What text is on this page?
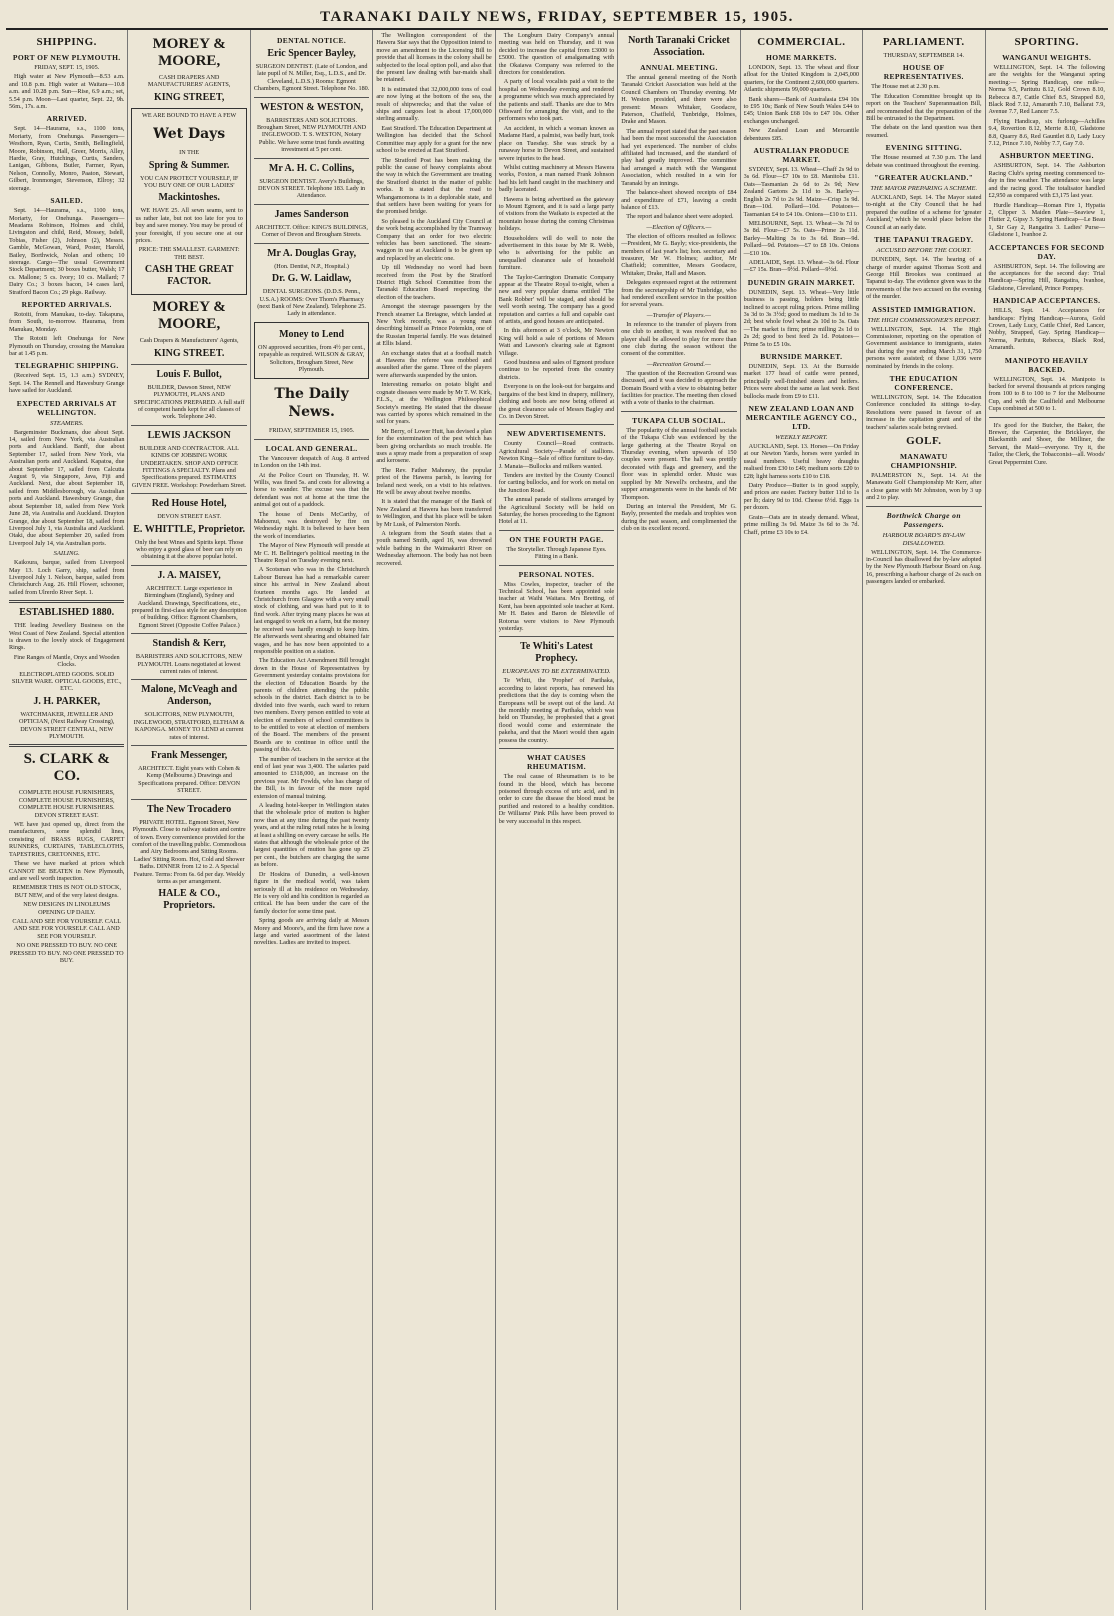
TARANAKI DAILY NEWS, FRIDAY, SEPTEMBER 15, 1905.
SHIPPING.
PORT OF NEW PLYMOUTH.

FRIDAY, SEPT. 15, 1905.

High water at New Plymouth—8.53 a.m. and 10.8 p.m. High water at Waitara—10.8 a.m. and 10.28 p.m. Sun—Rise, 6.9 a.m.; set, 5.54 p.m. Moon—Last quarter, Sept. 22, 9h. 56m., 17s. a.m.

ARRIVED.

Sept. 14—Haurama, s.s., 1100 tons, Moriarty, from Onehunga. Passengers—Westhorn, Ryan, Curtis, Smith, Bellingfield, Moore, Robinson, Hall, Greer, Morris, Alley, Hardie, Gray, Hutchings, Curtis, Sanders, Lanigan, Gibbons, Butler, Farmer, Ryan, Nelson, Connolly, Monro, Paaton, Stewart, Gilbert, Ironmonger, Stevenson, Ellroy; 32 steerage.

SAILED.

Sept. 14—Haurama, s.s., 1100 tons, Moriarty, for Onehunga. Passengers—Meadams Robinson, Holmes and child, Livingston and child, Reid, Mossey, Isdell, Tobias, Fisher (2), Johnson (2), Messrs. Gamble, McGowan, Ward, Poster, Harold, Bailey, Borthwick, Nolan and others; 10 steerage. Cargo—The usual Government Stock Department; 30 boxes butter, Walsh; 17 cs. Mallone; 5 cs. Ivory; 10 cs. Mallard; 7 Dairy Co.; 3 boxes bacon, 14 cases lard, Stratford Bacon Co.; 29 pkgs. Railway.

REPORTED ARRIVALS.

Rotoiti, from Manukau, to-day. Takapuna, from South, to-morrow. Haurama, from Manukau, Monday.

The Rotoiti left Onehunga for New Plymouth on Thursday, crossing the Manukau bar at 1.45 p.m.

TELEGRAPHIC SHIPPING.

(Received Sept. 15, 1.3 a.m.) SYDNEY, Sept. 14. The Rennell and Hawesbury Grange have sailed for Auckland.

EXPECTED ARRIVALS AT WELLINGTON.
STEAMERS.

Bargeminster Buckmans, due about Sept. 14, sailed from New York, via Australian ports and Auckland. Banff, due about September 17, sailed from New York, via Australian ports and Auckland. Kapatoa, due about September 17, sailed from Calcutta August 9, via Singapore, Java, Fiji and Auckland. Next, due about September 18, sailed from Middlesborough, via Australian ports and Auckland. Hawesbury Grange, due about September 18, sailed from New York June 28, via Australia and Auckland. Drayton Grange, due about September 18, sailed from Liverpool July 1, via Australia and Auckland. Otaki, due about September 20, sailed from Liverpool July 14, via Australian ports.

SAILING.

Kaikoura, barque, sailed from Liverpool May 13. Loch Garry, ship, sailed from Liverpool July 1. Nelson, barque, sailed from Christchurch Aug. 26. Hill Flower, schooner, sailed from Ulrerdo River Sept. 1.

ESTABLISHED 1880.

THE leading Jewellery Business on the West Coast of New Zealand. Special attention is drawn to the lovely stock of Engagement Rings.

Fine Ranges of Mantle, Onyx and Wooden Clocks.

ELECTROPLATED GOODS. SOLID SILVER WARE. OPTICAL GOODS, ETC., ETC.

J. H. PARKER,

WATCHMAKER, JEWELLER AND OPTICIAN, (Next Railway Crossing), DEVON STREET CENTRAL, NEW PLYMOUTH.

S. CLARK & CO.

COMPLETE HOUSE FURNISHERS, COMPLETE HOUSE FURNISHERS, COMPLETE HOUSE FURNISHERS. DEVON STREET EAST.

WE have just opened up, direct from the manufacturers, some splendid lines, consisting of BRASS RUGS, CARPET RUNNERS, CURTAINS, TABLECLOTHS, TAPESTRIES, CRETONNES, ETC.

These we have marked at prices which CANNOT BE BEATEN in New Plymouth, and are well worth inspection.

REMEMBER THIS IS NOT OLD STOCK, BUT NEW, and of the very latest designs.

NEW DESIGNS IN LINOLEUMS OPENING UP DAILY.

CALL AND SEE FOR YOURSELF. CALL AND SEE FOR YOURSELF. CALL AND SEE FOR YOURSELF.

NO ONE PRESSED TO BUY. NO ONE PRESSED TO BUY. NO ONE PRESSED TO BUY.

MOREY & MOORE,

CASH DRAPERS AND MANUFACTURERS' AGENTS,

KING STREET,

WE ARE BOUND TO HAVE A FEW

Wet Days

IN THE

Spring & Summer.

YOU CAN PROTECT YOURSELF, IF YOU BUY ONE OF OUR LADIES'

Mackintoshes.

WE HAVE 25. All sewn seams, sent to us rather late, but not too late for you to buy and save money. You may be proud of your foresight, if you secure one at our prices.

PRICE: THE SMALLEST. GARMENT: THE BEST.

CASH THE GREAT FACTOR.
MOREY & MOORE,

Cash Drapers & Manufacturers' Agents,

KING STREET.
Louis F. Bullot,

BUILDER, Dawson Street, NEW PLYMOUTH, PLANS AND SPECIFICATIONS PREPARED. A full staff of competent hands kept for all classes of work. Telephone 240.

LEWIS JACKSON

BUILDER AND CONTRACTOR. ALL KINDS OF JOBBING WORK UNDERTAKEN. SHOP AND OFFICE FITTINGS A SPECIALTY. Plans and Specifications prepared. ESTIMATES GIVEN FREE. Workshop: Powderham Street.

Red House Hotel,

DEVON STREET EAST.

E. WHITTLE, Proprietor.

Only the best Wines and Spirits kept. Those who enjoy a good glass of beer can rely on obtaining it at the above popular hotel.

J. A. MAISEY,

ARCHITECT. Large experience in Birmingham (England), Sydney and Auckland. Drawings, Specifications, etc., prepared in first-class style for any description of building. Office: Egmont Chambers, Egmont Street (Opposite Coffee Palace.)

Standish & Kerr,

BARRISTERS AND SOLICITORS, NEW PLYMOUTH. Loans negotiated at lowest current rates of interest.

Malone, McVeagh and Anderson,

SOLICITORS, NEW PLYMOUTH, INGLEWOOD, STRATFORD, ELTHAM & KAPONGA. MONEY TO LEND at current rates of interest.

Frank Messenger,

ARCHITECT. Eight years with Cohen & Kemp (Melbourne.) Drawings and Specifications prepared. Office: DEVON STREET.

The New Trocadero

PRIVATE HOTEL. Egmont Street, New Plymouth. Close to railway station and centre of town. Every convenience provided for the comfort of the travelling public. Commodious and Airy Bedrooms and Sitting Rooms. Ladies' Sitting Room. Hot, Cold and Shower Baths. DINNER from 12 to 2. A Special Feature. Terms: From 6s. 6d per day. Weekly terms as per arrangement.

HALE & CO., Proprietors.
DENTAL NOTICE.
Eric Spencer Bayley,

SURGEON DENTIST. (Late of London, and late pupil of N. Miller, Esq., L.D.S., and Dr. Cleveland, L.D.S.) Rooms: Egmont Chambers, Egmont Street. Telephone No. 180.

WESTON & WESTON,

BARRISTERS AND SOLICITORS. Brougham Street, NEW PLYMOUTH AND INGLEWOOD. T. S. WESTON, Notary Public. We have some trust funds awaiting investment at 5 per cent.

Mr A. H. C. Collins,

SURGEON DENTIST. Avery's Buildings, DEVON STREET. Telephone 183. Lady in Attendance.

James Sanderson

ARCHITECT. Office: KING'S BUILDINGS, Corner of Devon and Brougham Streets.

Mr A. Douglas Gray,

(Hon. Dentist, N.P., Hospital.)

Dr. G. W. Laidlaw,

DENTAL SURGEONS. (D.D.S. Penn., U.S.A.) ROOMS: Over Thom's Pharmacy (next Bank of New Zealand). Telephone 25. Lady in attendance.

Money to Lend

ON approved securities, from 4½ per cent., repayable as required. WILSON & GRAY, Solicitors, Brougham Street, New Plymouth.

The Daily News.

FRIDAY, SEPTEMBER 15, 1905.

LOCAL AND GENERAL.

The Vancouver despatch of Aug. 8 arrived in London on the 14th inst.

At the Police Court on Thursday, H. W. Willis, was fined 5s. and costs for allowing a horse to wander. The excuse was that the defendant was not at home at the time the animal got out of a paddock.

The house of Denis McCarthy, of Mahoenui, was destroyed by fire on Wednesday night. It is believed to have been the work of incendiaries.

The Mayor of New Plymouth will preside at Mr C. H. Bellringer's political meeting in the Theatre Royal on Tuesday evening next.

A Scotsman who was in the Christchurch Labour Bureau has had a remarkable career since his arrival in New Zealand about fourteen months ago. He landed at Christchurch from Glasgow with a very small stock of clothing, and was hard put to it to find work. After trying many places he was at last engaged to work on a farm, but the money he received was hardly enough to keep him. He afterwards went shearing and obtained fair wages, and he has now been appointed to a responsible position on a station.

The Education Act Amendment Bill brought down in the House of Representatives by Government yesterday contains provisions for the election of Education Boards by the parents of children attending the public schools in the district. Each district is to be divided into five wards, each ward to return two members. Every person entitled to vote at election of members of school committees is to be entitled to vote at election of members of the Board. The members of the present Boards are to continue in office until the passing of this Act.

The number of teachers in the service at the end of last year was 3,400. The salaries paid amounted to £318,000, an increase on the previous year. Mr Fowlds, who has charge of the Bill, is in favour of the more rapid extension of manual training.

A leading hotel-keeper in Wellington states that the wholesale price of mutton is higher now than at any time during the past twenty years, and at the ruling retail rates he is losing at least a shilling on every carcase he sells. He states that although the wholesale price of the largest quantities of mutton has gone up 25 per cent., the butchers are charging the same as before.

Dr Hoskins of Dunedin, a well-known figure in the medical world, was taken seriously ill at his residence on Wednesday. He is very old and his condition is regarded as critical. He has been under the care of the family doctor for some time past.

Spring goods are arriving daily at Messrs Morey and Moore's, and the firm have now a large and varied assortment of the latest novelties. Ladies are invited to inspect.

The Wellington correspondent of the Hawera Star says that the Opposition intend to move an amendment to the Licensing Bill to provide that all licenses in the colony shall be subjected to the local option poll, and also that the present law dealing with bar-maids shall be retained.

It is estimated that 32,000,000 tons of coal are now lying at the bottom of the sea, the result of shipwrecks; and that the value of ships and cargoes lost is about 17,000,000 sterling annually.

East Stratford. The Education Department at Wellington has decided that the School Committee may apply for a grant for the new school to be erected at East Stratford.

The Stratford Post has been making the public the cause of heavy complaints about the way in which the Government are treating the Stratford district in the matter of public works. It is stated that the road to Whangamomona is in a deplorable state, and that settlers have been waiting for years for the promised bridge.

So pleased is the Auckland City Council at the work being accomplished by the Tramway Company that an order for two electric vehicles has been sanctioned. The steam-waggon in use at Auckland is to be given up and replaced by an electric one.

Up till Wednesday no word had been received from the Post by the Stratford District High School Committee from the Taranaki Education Board respecting the election of the teachers.

Amongst the steerage passengers by the French steamer La Bretagne, which landed at New York recently, was a young man describing himself as Prince Potemkin, one of the Russian Imperial family. He was detained at Ellis Island.

An exchange states that at a football match at Hawera the referee was mobbed and assaulted after the game. Three of the players were afterwards suspended by the union.

Interesting remarks on potato blight and cognate diseases were made by Mr T. W. Kirk, F.L.S., at the Wellington Philosophical Society's meeting. He stated that the disease was carried by spores which remained in the soil for years.

Mr Berry, of Lower Hutt, has devised a plan for the extermination of the pest which has been giving orchardists so much trouble. He uses a spray made from a preparation of soap and kerosene.

The Rev. Father Mahoney, the popular priest of the Hawera parish, is leaving for Ireland next week, on a visit to his relatives. He will be away about twelve months.

It is stated that the manager of the Bank of New Zealand at Hawera has been transferred to Wellington, and that his place will be taken by Mr Lusk, of Palmerston North.

A telegram from the South states that a youth named Smith, aged 16, was drowned while bathing in the Waimakariri River on Wednesday afternoon. The body has not been recovered.

The Longburn Dairy Company's annual meeting was held on Thursday, and it was decided to increase the capital from £3000 to £5000. The question of amalgamating with the Okaiawa Company was referred to the directors for consideration.

A party of local vocalists paid a visit to the hospital on Wednesday evening and rendered a programme which was much appreciated by the patients and staff. Thanks are due to Mrs Ofisward for arranging the visit, and to the performers who took part.

An accident, in which a woman known as Madame Hard, a palmist, was badly hurt, took place on Tuesday. She was struck by a runaway horse in Devon Street, and sustained severe injuries to the head.

Whilst cutting machinery at Messrs Hawera works, Foxton, a man named Frank Johnson had his left hand caught in the machinery and badly lacerated.

Hawera is being advertised as the gateway to Mount Egmont, and it is said a large party of visitors from the Waikato is expected at the mountain house during the coming Christmas holidays.

Householders will do well to note the advertisement in this issue by Mr R. Webb, who is advertising for the public an unequalled clearance sale of household furniture.

The Taylor-Carrington Dramatic Company appear at the Theatre Royal to-night, when a new and very popular drama entitled 'The Bank Robber' will be staged, and should be well worth seeing. The company has a good reputation and carries a full and capable cast of artists, and good houses are anticipated.

In this afternoon at 3 o'clock, Mr Newton King will hold a sale of portions of Messrs Watt and Lawson's clearing sale at Egmont Village.

Good business and sales of Egmont produce continue to be reported from the country districts.

Everyone is on the look-out for bargains and bargains of the best kind in drapery, millinery, clothing and boots are now being offered at the great clearance sale of Messrs Bagley and Co. in Devon Street.

NEW ADVERTISEMENTS.

County Council—Road contracts. Agricultural Society—Parade of stallions. Newton King—Sale of office furniture to-day. J. Manaia—Bullocks and milkers wanted.

Tenders are invited by the County Council for carting bullocks, and for work on metal on the Junction Road.

The annual parade of stallions arranged by the Agricultural Society will be held on Saturday, the horses proceeding to the Egmont Hotel at 11.

ON THE FOURTH PAGE.

The Storyteller. Through Japanese Eyes. Fitting in a Bank.

PERSONAL NOTES.

Miss Cowles, inspector, teacher of the Technical School, has been appointed sole teacher at Waihi Waitara. Mrs Bretting, of Kent, has been appointed sole teacher at Kent. Mr H. Bates and Baron de Bleteville of Rotorua were visitors to New Plymouth yesterday.

Te Whiti's Latest Prophecy.
EUROPEANS TO BE EXTERMINATED.

Te Whiti, the 'Prophet' of Parihaka, according to latest reports, has renewed his predictions that the day is coming when the Europeans will be swept out of the land. At the monthly meeting at Parihaka, which was held on Thursday, he prophesied that a great flood would come and exterminate the pakeha, and that the Maori would then again possess the country.

WHAT CAUSES RHEUMATISM.

The real cause of Rheumatism is to be found in the blood, which has become poisoned through excess of uric acid, and in order to cure the disease the blood must be purified and restored to a healthy condition. Dr Williams' Pink Pills have been proved to be very successful in this respect.

North Taranaki Cricket Association.
ANNUAL MEETING.

The annual general meeting of the North Taranaki Cricket Association was held at the Council Chambers on Thursday evening. Mr H. Weston presided, and there were also present: Messrs Whitaker, Goodacre, Paterson, Chatfield, Tunbridge, Holmes, Drake and Mason.

The annual report stated that the past season had been the most successful the Association had yet experienced. The number of clubs affiliated had increased, and the standard of play had greatly improved. The committee had arranged a match with the Wanganui Association, which resulted in a win for Taranaki by an innings.

The balance-sheet showed receipts of £84 and expenditure of £71, leaving a credit balance of £13.

The report and balance sheet were adopted.

—Election of Officers.—

The election of officers resulted as follows:—President, Mr G. Bayly; vice-presidents, the members of last year's list; hon. secretary and treasurer, Mr W. Holmes; auditor, Mr Chatfield; committee, Messrs Goodacre, Whitaker, Drake, Hall and Mason.

Delegates expressed regret at the retirement from the secretaryship of Mr Tunbridge, who had rendered excellent service in the position for several years.

—Transfer of Players.—

In reference to the transfer of players from one club to another, it was resolved that no player shall be allowed to play for more than one club during the season without the consent of the committee.

—Recreation Ground.—

The question of the Recreation Ground was discussed, and it was decided to approach the Domain Board with a view to obtaining better facilities for practice. The meeting then closed with a vote of thanks to the chairman.

TUKAPA CLUB SOCIAL.

The popularity of the annual football socials of the Tukapa Club was evidenced by the large gathering at the Theatre Royal on Thursday evening, when upwards of 150 couples were present. The hall was prettily decorated with flags and greenery, and the floor was in splendid order. Music was supplied by Mr Newell's orchestra, and the supper arrangements were in the hands of Mr Thompson.

During an interval the President, Mr G. Bayly, presented the medals and trophies won during the past season, and complimented the club on its excellent record.

COMMERCIAL.
HOME MARKETS.

LONDON, Sept. 13. The wheat and flour afloat for the United Kingdom is 2,045,000 quarters, for the Continent 2,600,000 quarters. Atlantic shipments 99,000 quarters.

Bank shares—Bank of Australasia £94 10s to £95 10s; Bank of New South Wales £44 to £45; Union Bank £68 10s to £47 10s. Other exchanges unchanged.

New Zealand Loan and Mercantile debentures £85.

AUSTRALIAN PRODUCE MARKET.

SYDNEY, Sept. 13. Wheat—Chaff 2s 9d to 3s 6d. Flour—£7 10s to £8. Manitoba £11. Oats—Tasmanian 2s 6d to 2s 9d; New Zealand Gartons 2s 11d to 3s. Barley—English 2s 7d to 2s 9d. Maize—Crisp 3s 9d. Bran—10d. Pollard—10d. Potatoes—Tasmanian £4 to £4 10s. Onions—£10 to £11.

MELBOURNE, Sept. 13. Wheat—3s 7d to 3s 8d. Flour—£7 5s. Oats—Prime 2s 11d. Barley—Malting 3s to 3s 6d. Bran—9d. Pollard—9d. Potatoes—£7 to £8 10s. Onions—£10 10s.

ADELAIDE, Sept. 13. Wheat—3s 6d. Flour—£7 15s. Bran—9½d. Pollard—9½d.

DUNEDIN GRAIN MARKET.

DUNEDIN, Sept. 13. Wheat—Very little business is passing, holders being little inclined to accept ruling prices. Prime milling 3s 3d to 3s 3½d; good to medium 3s 1d to 3s 2d; best whole fowl wheat 2s 10d to 3s. Oats—The market is firm; prime milling 2s 1d to 2s 2d; good to best feed 2s 1d. Potatoes—Prime 5s to £5 10s.

BURNSIDE MARKET.

DUNEDIN, Sept. 13. At the Burnside market 177 head of cattle were penned, principally well-finished steers and heifers. Prices were about the same as last week. Best bullocks made from £9 to £11.

NEW ZEALAND LOAN AND MERCANTILE AGENCY CO., LTD.
WEEKLY REPORT.

AUCKLAND, Sept. 13. Horses—On Friday at our Newton Yards, horses were yarded in usual numbers. Useful heavy draughts realised from £30 to £40; medium sorts £20 to £28; light harness sorts £10 to £18.

Dairy Produce—Butter is in good supply, and prices are easier. Factory butter 11d to 1s per lb; dairy 9d to 10d. Cheese 6½d. Eggs 1s per dozen.

Grain—Oats are in steady demand. Wheat, prime milling 3s 9d. Maize 3s 6d to 3s 7d. Chaff, prime £3 10s to £4.

PARLIAMENT.

THURSDAY, SEPTEMBER 14.

HOUSE OF REPRESENTATIVES.

The House met at 2.30 p.m.

The Education Committee brought up its report on the Teachers' Superannuation Bill, and recommended that the preparation of the Bill be entrusted to the Department.

The debate on the land question was then resumed.

EVENING SITTING.

The House resumed at 7.30 p.m. The land debate was continued throughout the evening.

"GREATER AUCKLAND."
THE MAYOR PREPARING A SCHEME.

AUCKLAND, Sept. 14. The Mayor stated to-night at the City Council that he had prepared the outline of a scheme for 'greater Auckland,' which he would place before the Council at an early date.

THE TAPANUI TRAGEDY.
ACCUSED BEFORE THE COURT.

DUNEDIN, Sept. 14. The hearing of a charge of murder against Thomas Scott and George Hill Brookes was continued at Tapanui to-day. The evidence given was to the movements of the two accused on the evening of the murder.

ASSISTED IMMIGRATION.
THE HIGH COMMISSIONER'S REPORT.

WELLINGTON, Sept. 14. The High Commissioner, reporting on the operation of Government assistance to immigrants, states that during the year ending March 31, 1,750 persons were assisted; of these 1,036 were nominated by friends in the colony.

THE EDUCATION CONFERENCE.

WELLINGTON, Sept. 14. The Education Conference concluded its sittings to-day. Resolutions were passed in favour of an increase in the capitation grant and of the teachers' salaries scale being revised.

GOLF.
MANAWATU CHAMPIONSHIP.

PALMERSTON N., Sept. 14. At the Manawatu Golf Championship Mr Kerr, after a close game with Mr Johnston, won by 3 up and 2 to play.

Borthwick Charge on Passengers.
HARBOUR BOARD'S BY-LAW DISALLOWED.

WELLINGTON, Sept. 14. The Commerce-in-Council has disallowed the by-law adopted by the New Plymouth Harbour Board on Aug. 16, prescribing a harbour charge of 2s each on passengers landed or embarked.

SPORTING.
WANGANUI WEIGHTS.

WELLINGTON, Sept. 14. The following are the weights for the Wanganui spring meeting:— Spring Handicap, one mile—Norma 9.5, Paritutu 8.12, Gold Crown 8.10, Rebecca 8.7, Cattle Chief 8.5, Strapped 8.0, Black Rod 7.12, Amaranth 7.10, Ballarat 7.9, Avenue 7.7, Red Lancer 7.5.

Flying Handicap, six furlongs—Achilles 9.4, Rovertion 8.12, Merrie 8.10, Gladstone 8.8, Quarry 8.6, Red Gauntlet 8.0, Lady Lucy 7.12, Prince 7.10, Nobby 7.7, Gay 7.0.

ASHBURTON MEETING.

ASHBURTON, Sept. 14. The Ashburton Racing Club's spring meeting commenced to-day in fine weather. The attendance was large and the racing good. The totalisator handled £2,950 as compared with £3,175 last year.

Hurdle Handicap—Roman Fire 1, Hypatia 2, Clipper 3. Maiden Plate—Seaview 1, Flutter 2, Gipsy 3. Spring Handicap—Le Beau 1, Sir Gay 2, Rangatira 3. Ladies' Purse—Gladstone 1, Ivanhoe 2.

ACCEPTANCES FOR SECOND DAY.

ASHBURTON, Sept. 14. The following are the acceptances for the second day: Trial Handicap—Spring Hill, Rangatira, Ivanhoe, Gladstone, Cleveland, Prince Pompey.

HANDICAP ACCEPTANCES.

HILLS, Sept. 14. Acceptances for handicaps: Flying Handicap—Aurora, Gold Crown, Lady Lucy, Cattle Chief, Red Lancer, Nobby, Strapped, Gay. Spring Handicap—Norma, Paritutu, Rebecca, Black Rod, Amaranth.

MANIPOTO HEAVILY BACKED.

WELLINGTON, Sept. 14. Manipoto is backed for several thousands at prices ranging from 100 to 8 to 100 to 7 for the Melbourne Cup, and with the Caulfield and Melbourne Cups combined at 500 to 1.

It's good for the Butcher, the Baker, the Brewer, the Carpenter, the Bricklayer, the Blacksmith and Shoer, the Milliner, the Servant, the Maid—everyone. Try it, the Tailor, the Clerk, the Tobacconist—all. Woods' Great Peppermint Cure.
